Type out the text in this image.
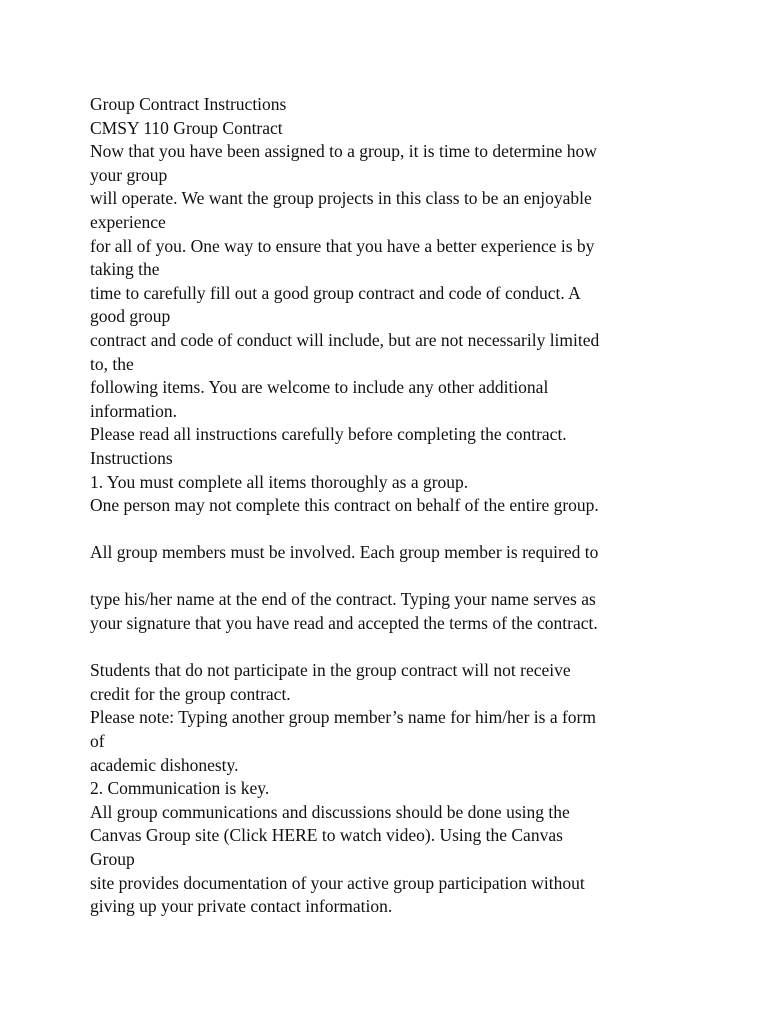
Group Contract Instructions
CMSY 110 Group Contract
Now that you have been assigned to a group, it is time to determine how
your group
will operate. We want the group projects in this class to be an enjoyable
experience
for all of you. One way to ensure that you have a better experience is by
taking the
time to carefully fill out a good group contract and code of conduct. A
good group
contract and code of conduct will include, but are not necessarily limited
to, the
following items. You are welcome to include any other additional
information.
Please read all instructions carefully before completing the contract.
Instructions
1. You must complete all items thoroughly as a group.
One person may not complete this contract on behalf of the entire group.
All group members must be involved. Each group member is required to
type his/her name at the end of the contract. Typing your name serves as
your signature that you have read and accepted the terms of the contract.
Students that do not participate in the group contract will not receive
credit for the group contract.
Please note: Typing another group member’s name for him/her is a form
of
academic dishonesty.
2. Communication is key.
All group communications and discussions should be done using the
Canvas Group site (Click HERE to watch video). Using the Canvas
Group
site provides documentation of your active group participation without
giving up your private contact information.
